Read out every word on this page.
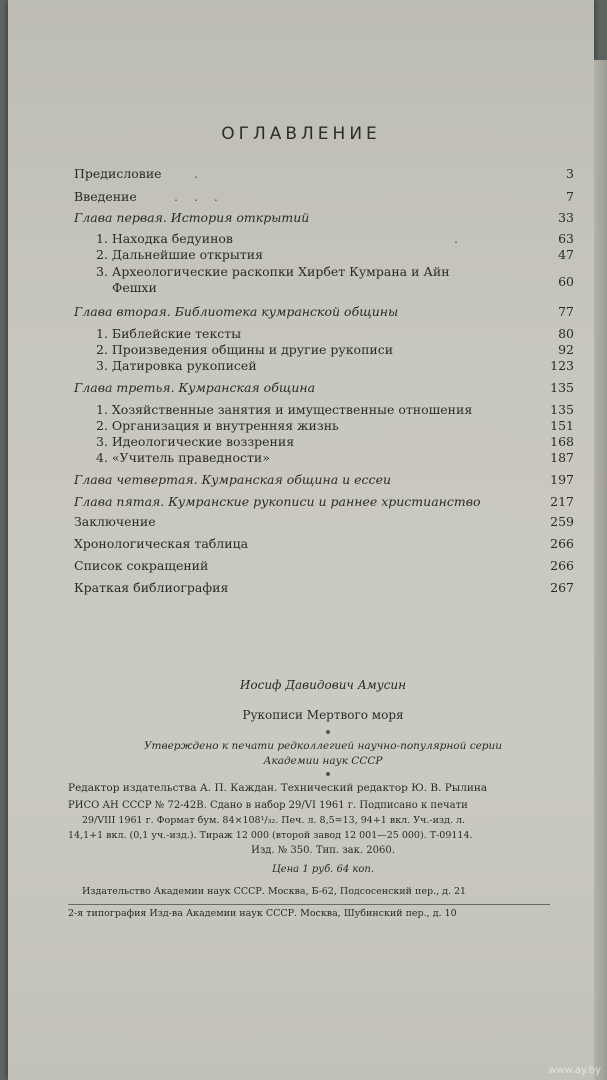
ОГЛАВЛЕНИЕ
Предисловие	.	3
Введение	. . .	7
Глава первая. История открытий	33
1. Находка бедуинов	.	63
2. Дальнейшие открытия	47
3. Археологические раскопки Хирбет Кумрана и Айн
Фешхи	60
Глава вторая. Библиотека кумранской общины	77
1. Библейские тексты	80
2. Произведения общины и другие рукописи	92
3. Датировка рукописей	123
Глава третья. Кумранская община	135
1. Хозяйственные занятия и имущественные отношения	135
2. Организация и внутренняя жизнь	151
3. Идеологические воззрения	168
4. «Учитель праведности»	187
Глава четвертая. Кумранская община и ессеи	197
Глава пятая. Кумранские рукописи и раннее христианство	217
Заключение	259
Хронологическая таблица	266
Список сокращений	266
Краткая библиография	267
Иосиф Давидович Амусин
Рукописи Мертвого моря
Утверждено к печати редколлегией научно-популярной серии
Академии наук СССР
Редактор издательства А. П. Каждан. Технический редактор Ю. В. Рылина
РИСО АН СССР № 72-42В. Сдано в набор 29/VI 1961 г. Подписано к печати
29/VIII 1961 г. Формат бум. 84×108¹/₃₂. Печ. л. 8,5=13, 94+1 вкл. Уч.-изд. л.
14,1+1 вкл. (0,1 уч.-изд.). Тираж 12 000 (второй завод 12 001—25 000). Т-09114.
Изд. № 350. Тип. зак. 2060.
Цена 1 руб. 64 коп.
Издательство Академии наук СССР. Москва, Б-62, Подсосенский пер., д. 21
2-я типография Изд-ва Академии наук СССР. Москва, Шубинский пер., д. 10
www.ay.by
